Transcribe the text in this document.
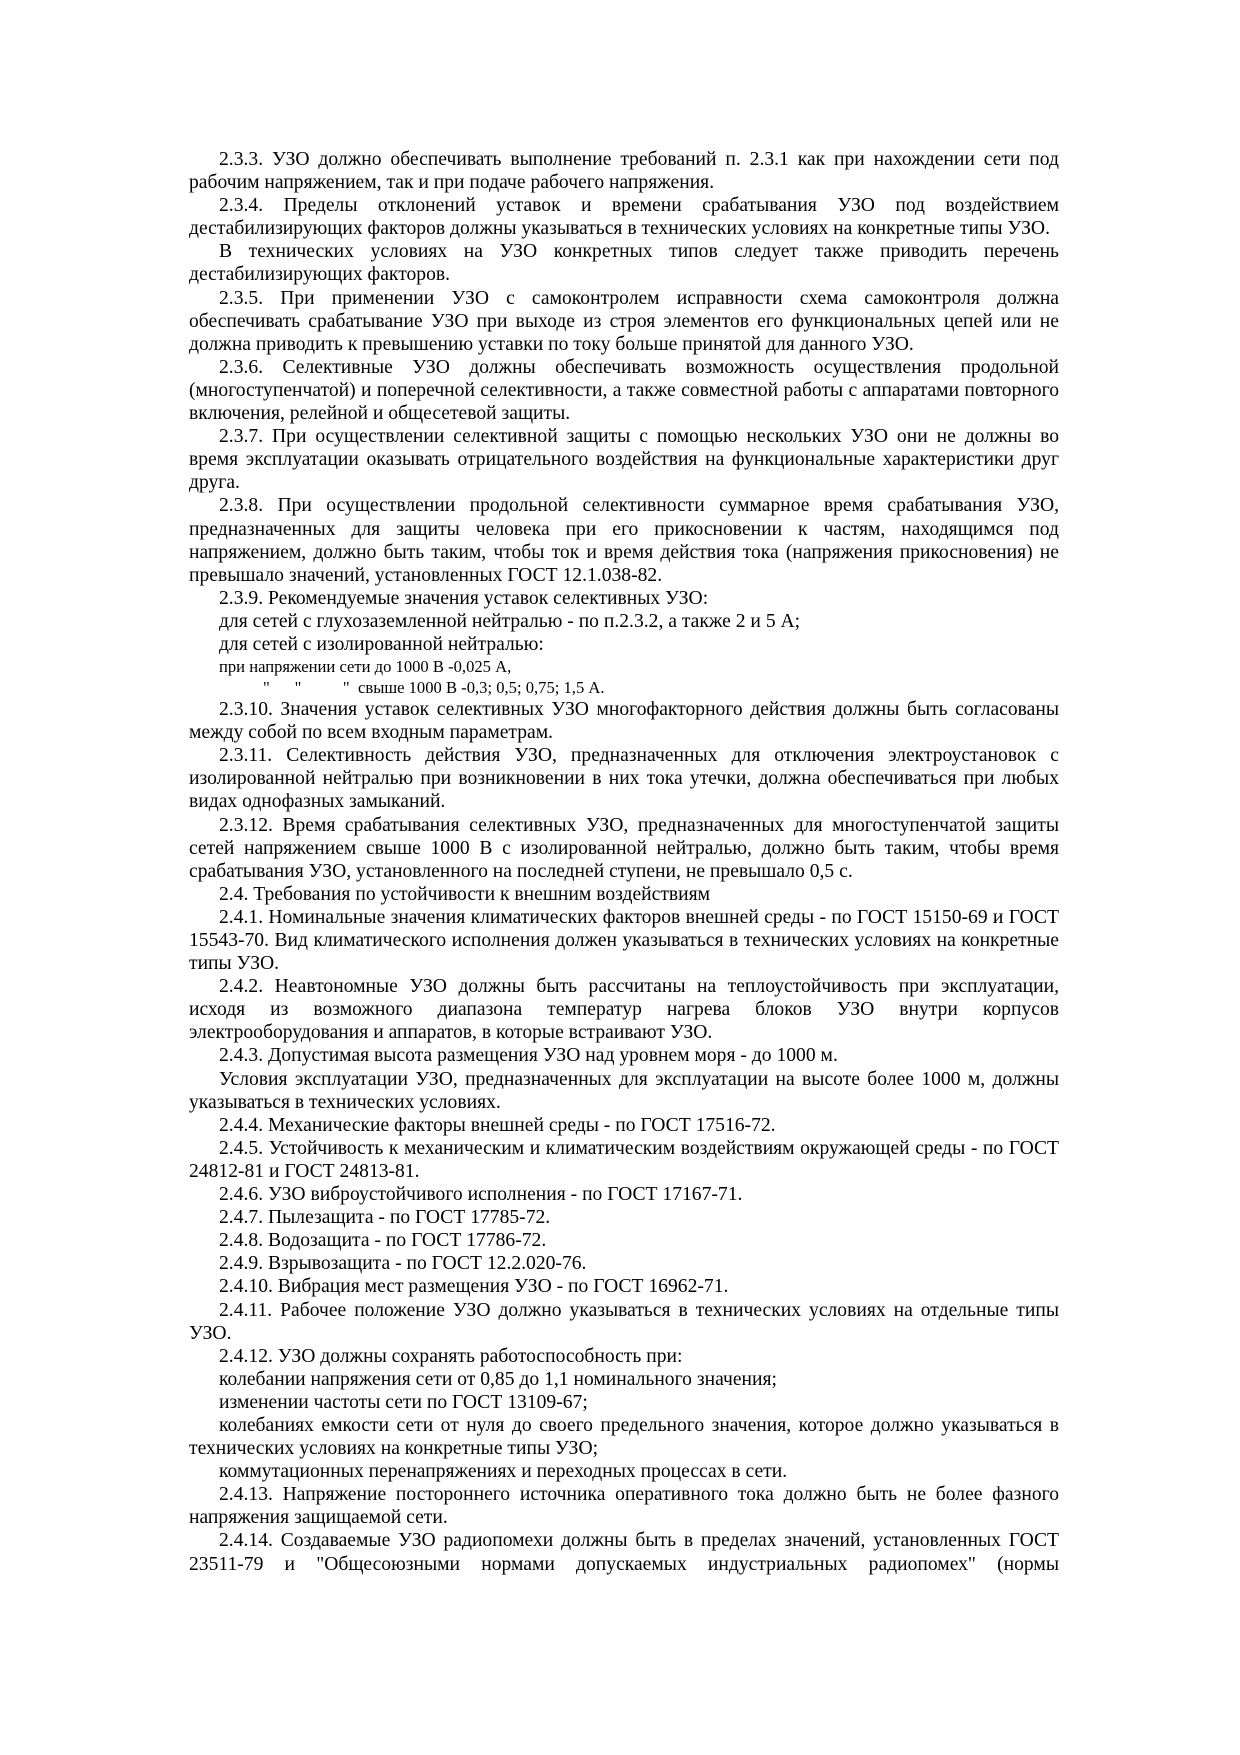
2.3.3. УЗО должно обеспечивать выполнение требований п. 2.3.1 как при нахождении сети под рабочим напряжением, так и при подаче рабочего напряжения.

2.3.4. Пределы отклонений уставок и времени срабатывания УЗО под воздействием дестабилизирующих факторов должны указываться в технических условиях на конкретные типы УЗО.

В технических условиях на УЗО конкретных типов следует также приводить перечень дестабилизирующих факторов.

2.3.5. При применении УЗО с самоконтролем исправности схема самоконтроля должна обеспечивать срабатывание УЗО при выходе из строя элементов его функциональных цепей или не должна приводить к превышению уставки по току больше принятой для данного УЗО.

2.3.6. Селективные УЗО должны обеспечивать возможность осуществления продольной (многоступенчатой) и поперечной селективности, а также совместной работы с аппаратами повторного включения, релейной и общесетевой защиты.

2.3.7. При осуществлении селективной защиты с помощью нескольких УЗО они не должны во время эксплуатации оказывать отрицательного воздействия на функциональные характеристики друг друга.

2.3.8. При осуществлении продольной селективности суммарное время срабатывания УЗО, предназначенных для защиты человека при его прикосновении к частям, находящимся под напряжением, должно быть таким, чтобы ток и время действия тока (напряжения прикосновения) не превышало значений, установленных ГОСТ 12.1.038-82.

2.3.9. Рекомендуемые значения уставок селективных УЗО:

для сетей с глухозаземленной нейтралью - по п.2.3.2, а также 2 и 5 А;

для сетей с изолированной нейтралью:

при напряжении сети до 1000 В -0,025 А,

"      "          "  свыше 1000 В -0,3; 0,5; 0,75; 1,5 А.

2.3.10. Значения уставок селективных УЗО многофакторного действия должны быть согласованы между собой по всем входным параметрам.

2.3.11. Селективность действия УЗО, предназначенных для отключения электроустановок с изолированной нейтралью при возникновении в них тока утечки, должна обеспечиваться при любых видах однофазных замыканий.

2.3.12. Время срабатывания селективных УЗО, предназначенных для многоступенчатой защиты сетей напряжением свыше 1000 В с изолированной нейтралью, должно быть таким, чтобы время срабатывания УЗО, установленного на последней ступени, не превышало 0,5 с.

2.4. Требования по устойчивости к внешним воздействиям

2.4.1. Номинальные значения климатических факторов внешней среды - по ГОСТ 15150-69 и ГОСТ 15543-70. Вид климатического исполнения должен указываться в технических условиях на конкретные типы УЗО.

2.4.2. Неавтономные УЗО должны быть рассчитаны на теплоустойчивость при эксплуатации, исходя из возможного диапазона температур нагрева блоков УЗО внутри корпусов электрооборудования и аппаратов, в которые встраивают УЗО.

2.4.3. Допустимая высота размещения УЗО над уровнем моря - до 1000 м.

Условия эксплуатации УЗО, предназначенных для эксплуатации на высоте более 1000 м, должны указываться в технических условиях.

2.4.4. Механические факторы внешней среды - по ГОСТ 17516-72.

2.4.5. Устойчивость к механическим и климатическим воздействиям окружающей среды - по ГОСТ 24812-81 и ГОСТ 24813-81.

2.4.6. УЗО виброустойчивого исполнения - по ГОСТ 17167-71.

2.4.7. Пылезащита - по ГОСТ 17785-72.

2.4.8. Водозащита - по ГОСТ 17786-72.

2.4.9. Взрывозащита - по ГОСТ 12.2.020-76.

2.4.10. Вибрация мест размещения УЗО - по ГОСТ 16962-71.

2.4.11. Рабочее положение УЗО должно указываться в технических условиях на отдельные типы УЗО.

2.4.12. УЗО должны сохранять работоспособность при:

колебании напряжения сети от 0,85 до 1,1 номинального значения;

изменении частоты сети по ГОСТ 13109-67;

колебаниях емкости сети от нуля до своего предельного значения, которое должно указываться в технических условиях на конкретные типы УЗО;

коммутационных перенапряжениях и переходных процессах в сети.

2.4.13. Напряжение постороннего источника оперативного тока должно быть не более фазного напряжения защищаемой сети.

2.4.14. Создаваемые УЗО радиопомехи должны быть в пределах значений, установленных ГОСТ 23511-79 и "Общесоюзными нормами допускаемых индустриальных радиопомех" (нормы
